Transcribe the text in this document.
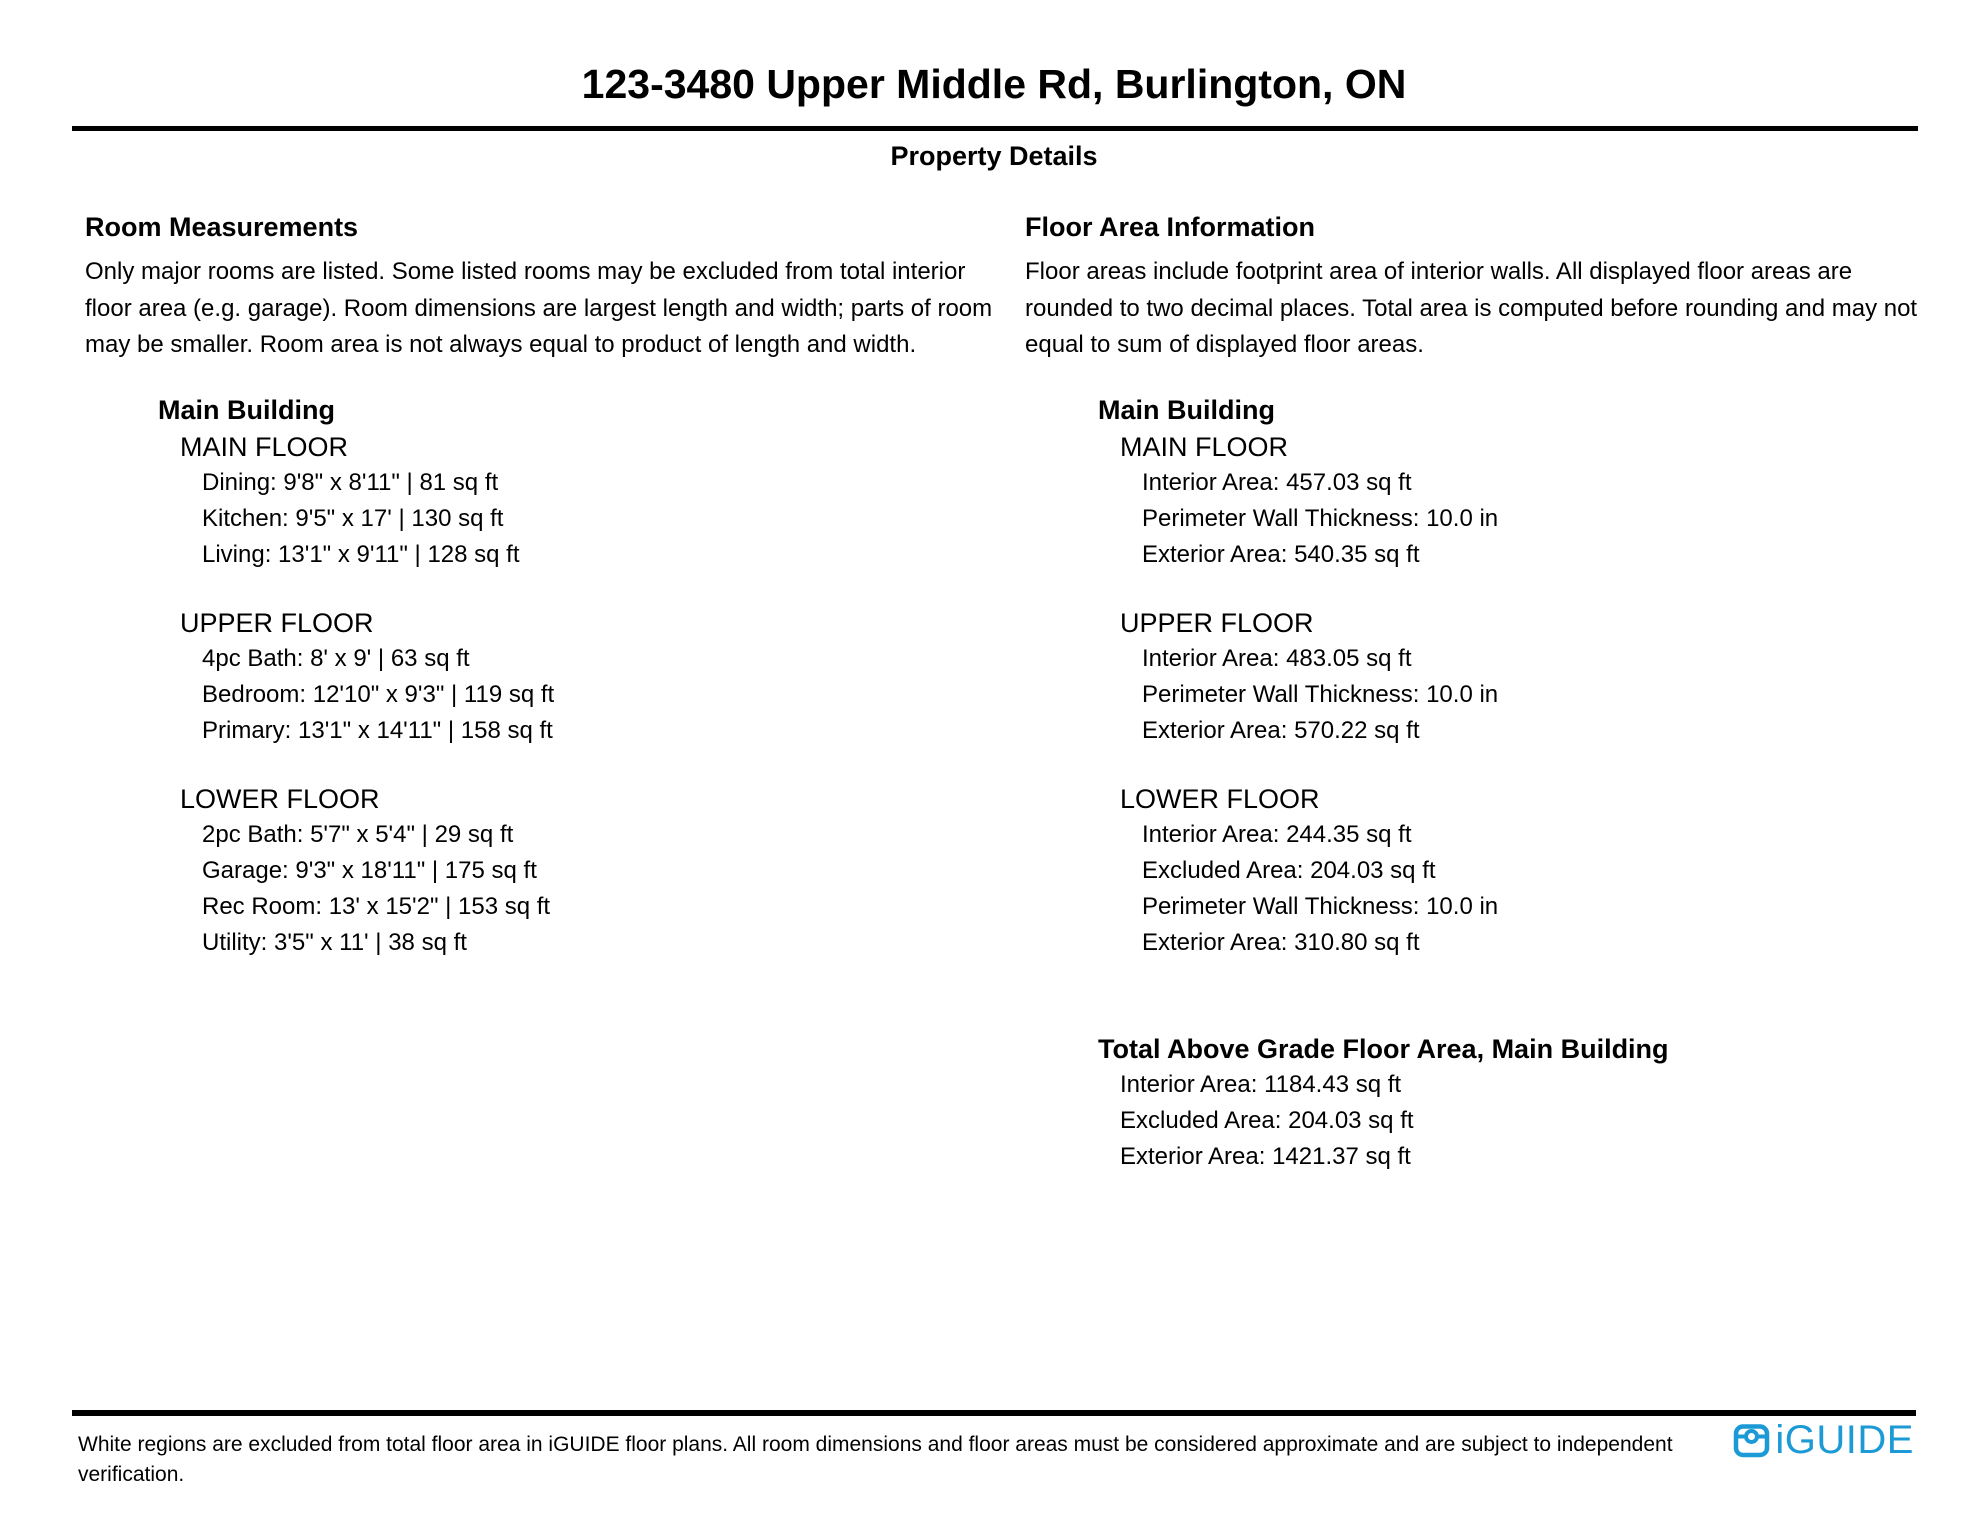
123-3480 Upper Middle Rd, Burlington, ON
Property Details
Room Measurements

Only major rooms are listed. Some listed rooms may be excluded from total interior floor area (e.g. garage). Room dimensions are largest length and width; parts of room may be smaller. Room area is not always equal to product of length and width.

Main Building
MAIN FLOOR
Dining: 9'8" x 8'11" | 81 sq ft
Kitchen: 9'5" x 17' | 130 sq ft
Living: 13'1" x 9'11" | 128 sq ft
UPPER FLOOR
4pc Bath: 8' x 9' | 63 sq ft
Bedroom: 12'10" x 9'3" | 119 sq ft
Primary: 13'1" x 14'11" | 158 sq ft
LOWER FLOOR
2pc Bath: 5'7" x 5'4" | 29 sq ft
Garage: 9'3" x 18'11" | 175 sq ft
Rec Room: 13' x 15'2" | 153 sq ft
Utility: 3'5" x 11' | 38 sq ft
Floor Area Information

Floor areas include footprint area of interior walls. All displayed floor areas are rounded to two decimal places. Total area is computed before rounding and may not equal to sum of displayed floor areas.

Main Building
MAIN FLOOR
Interior Area: 457.03 sq ft
Perimeter Wall Thickness: 10.0 in
Exterior Area: 540.35 sq ft
UPPER FLOOR
Interior Area: 483.05 sq ft
Perimeter Wall Thickness: 10.0 in
Exterior Area: 570.22 sq ft
LOWER FLOOR
Interior Area: 244.35 sq ft
Excluded Area: 204.03 sq ft
Perimeter Wall Thickness: 10.0 in
Exterior Area: 310.80 sq ft
Total Above Grade Floor Area, Main Building
Interior Area: 1184.43 sq ft
Excluded Area: 204.03 sq ft
Exterior Area: 1421.37 sq ft

White regions are excluded from total floor area in iGUIDE floor plans. All room dimensions and floor areas must be considered approximate and are subject to independent verification.

iGUIDE
